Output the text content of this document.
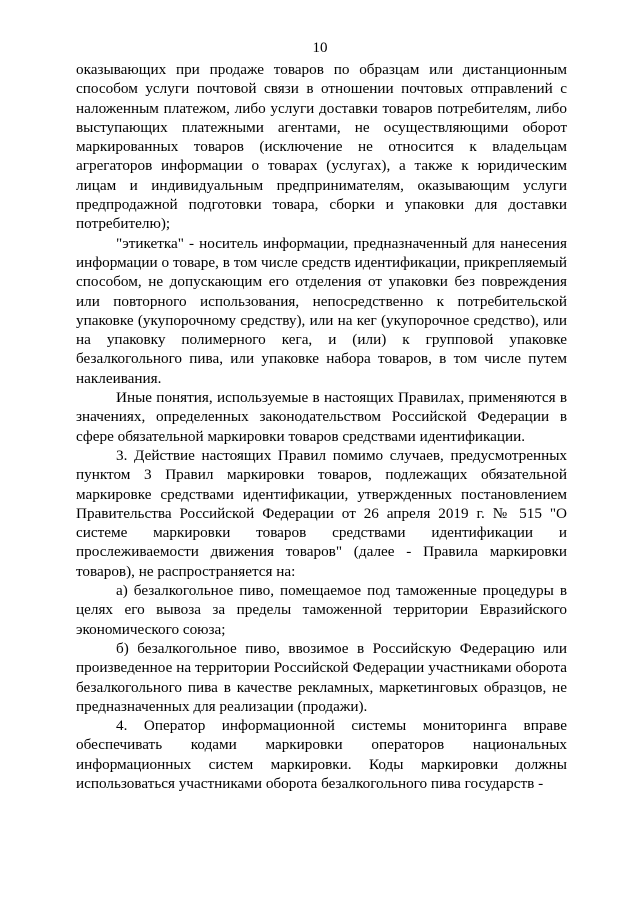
10

оказывающих при продаже товаров по образцам или дистанционным способом услуги почтовой связи в отношении почтовых отправлений с наложенным платежом, либо услуги доставки товаров потребителям, либо выступающих платежными агентами, не осуществляющими оборот маркированных товаров (исключение не относится к владельцам агрегаторов информации о товарах (услугах), а также к юридическим лицам и индивидуальным предпринимателям, оказывающим услуги предпродажной подготовки товара, сборки и упаковки для доставки потребителю);

"этикетка" - носитель информации, предназначенный для нанесения информации о товаре, в том числе средств идентификации, прикрепляемый способом, не допускающим его отделения от упаковки без повреждения или повторного использования, непосредственно к потребительской упаковке (укупорочному средству), или на кег (укупорочное средство), или на упаковку полимерного кега, и (или) к групповой упаковке безалкогольного пива, или упаковке набора товаров, в том числе путем наклеивания.

Иные понятия, используемые в настоящих Правилах, применяются в значениях, определенных законодательством Российской Федерации в сфере обязательной маркировки товаров средствами идентификации.

3. Действие настоящих Правил помимо случаев, предусмотренных пунктом 3 Правил маркировки товаров, подлежащих обязательной маркировке средствами идентификации, утвержденных постановлением Правительства Российской Федерации от 26 апреля 2019 г. № 515 "О системе маркировки товаров средствами идентификации и прослеживаемости движения товаров" (далее - Правила маркировки товаров), не распространяется на:

а) безалкогольное пиво, помещаемое под таможенные процедуры в целях его вывоза за пределы таможенной территории Евразийского экономического союза;

б) безалкогольное пиво, ввозимое в Российскую Федерацию или произведенное на территории Российской Федерации участниками оборота безалкогольного пива в качестве рекламных, маркетинговых образцов, не предназначенных для реализации (продажи).

4. Оператор информационной системы мониторинга вправе обеспечивать кодами маркировки операторов национальных информационных систем маркировки. Коды маркировки должны использоваться участниками оборота безалкогольного пива государств -
